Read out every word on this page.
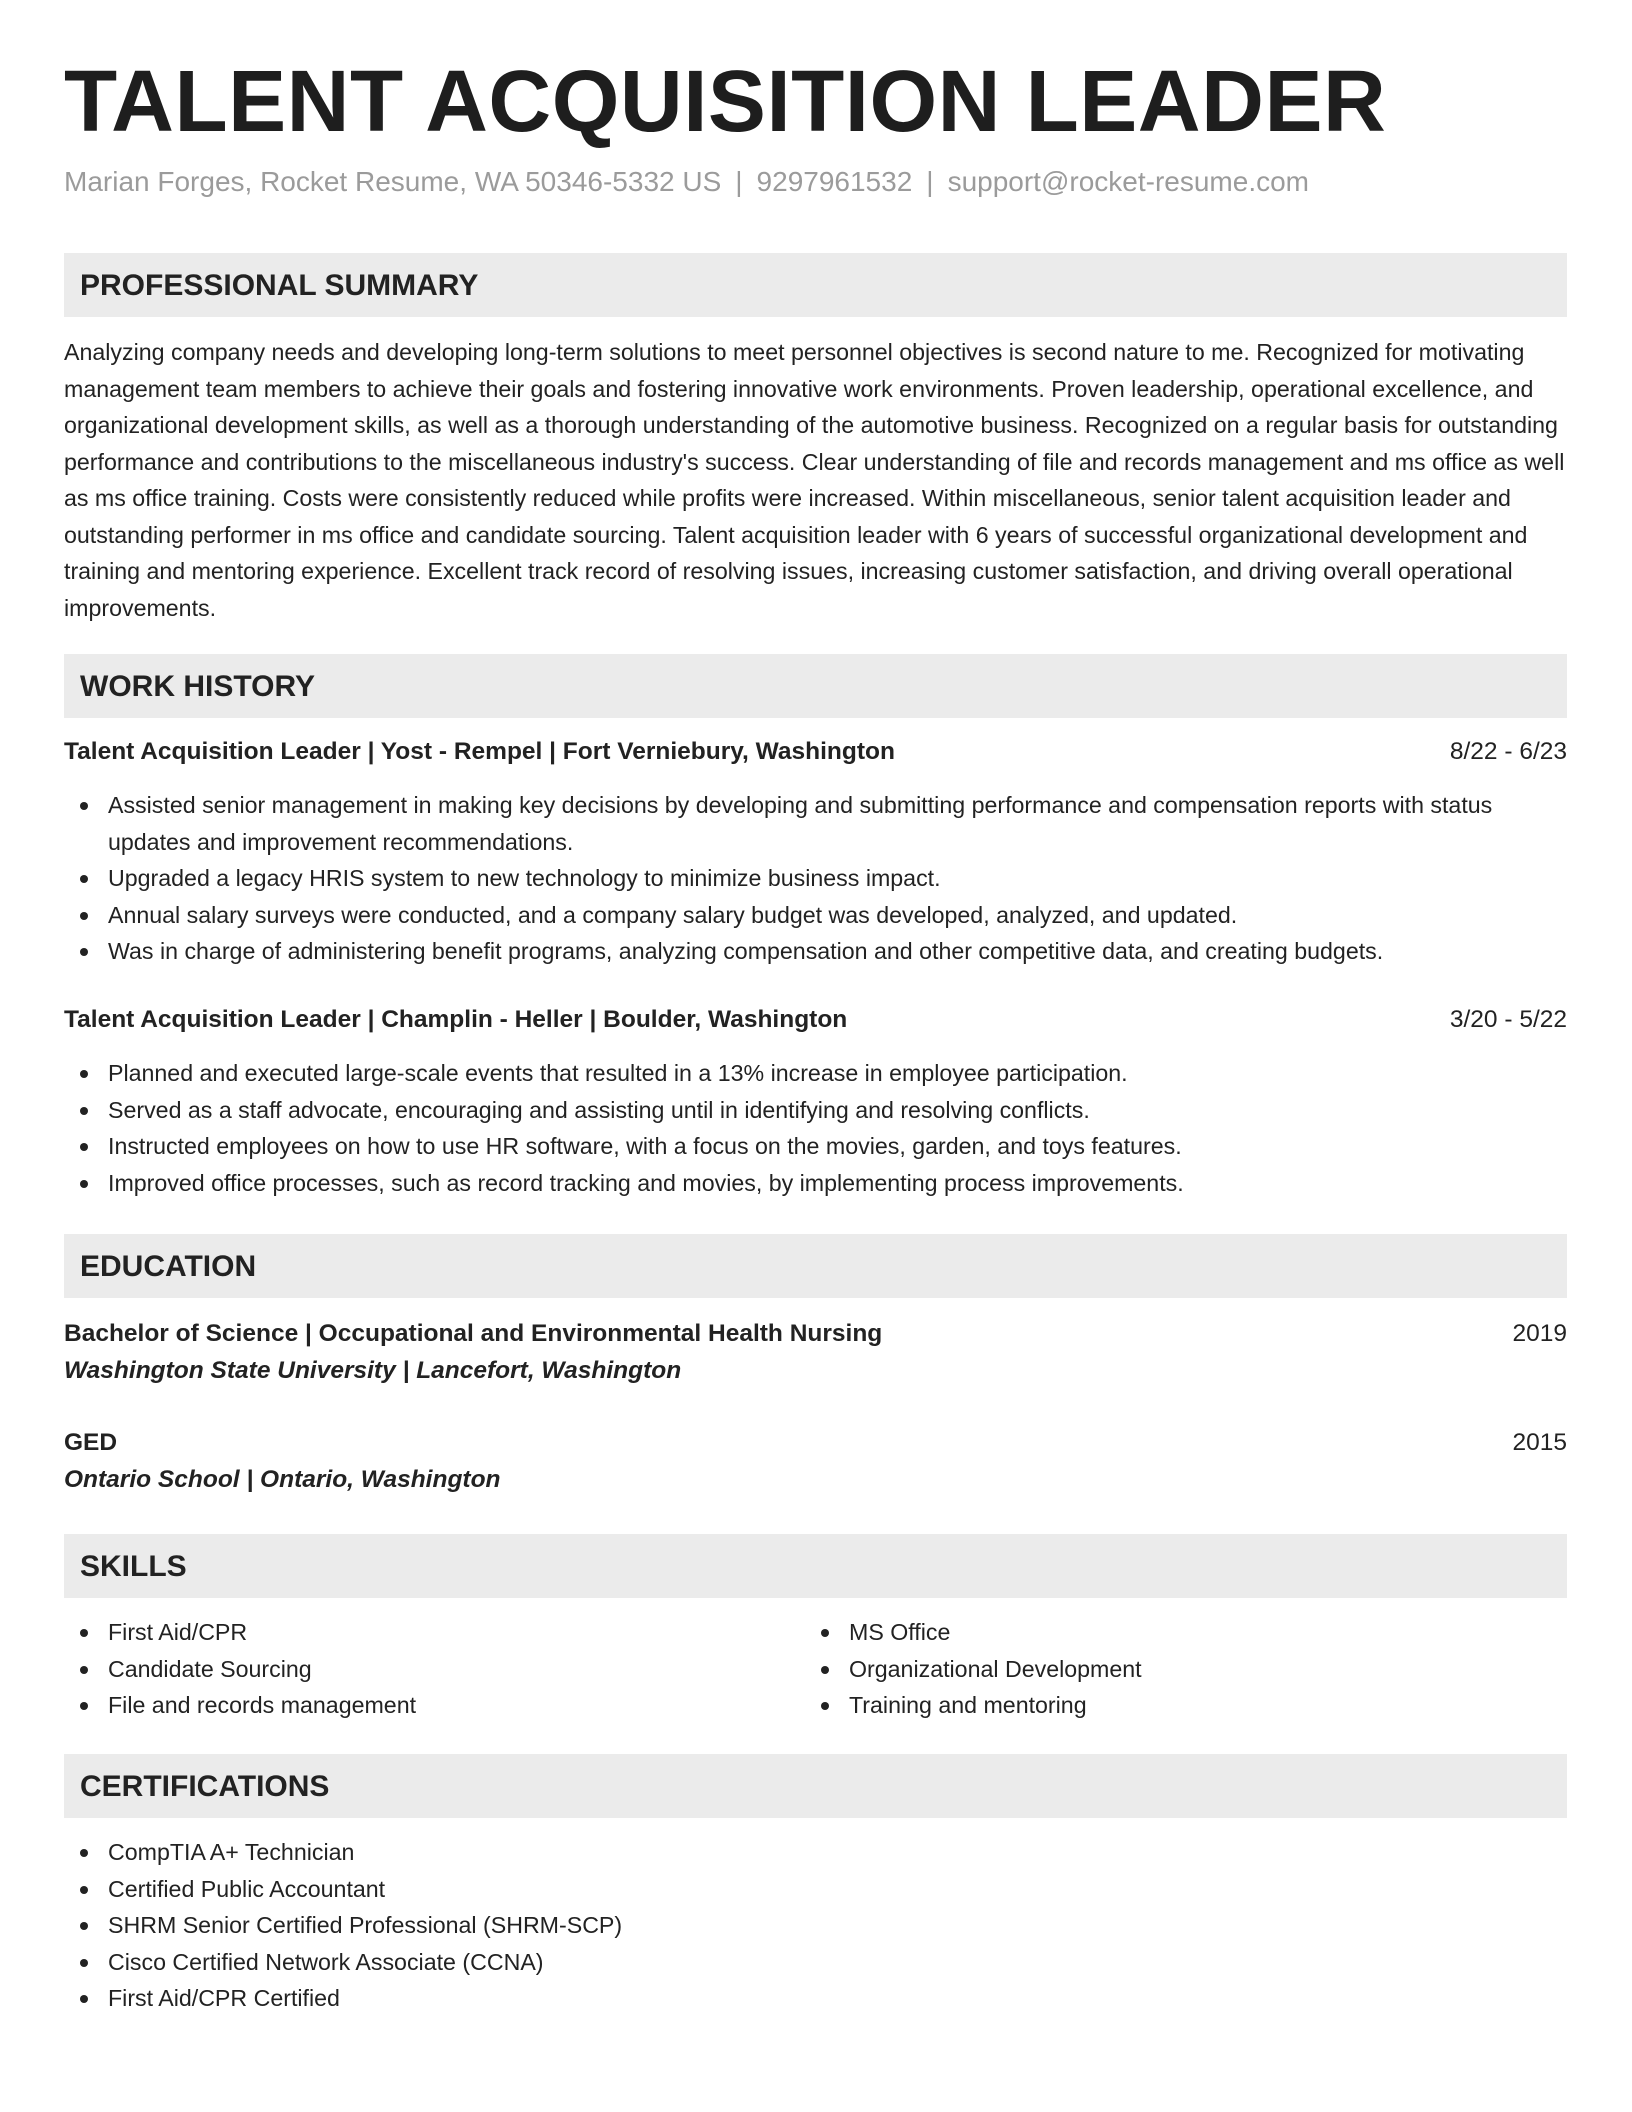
TALENT ACQUISITION LEADER
Marian Forges, Rocket Resume, WA 50346-5332 US | 9297961532 | support@rocket-resume.com
PROFESSIONAL SUMMARY
Analyzing company needs and developing long-term solutions to meet personnel objectives is second nature to me. Recognized for motivating management team members to achieve their goals and fostering innovative work environments. Proven leadership, operational excellence, and organizational development skills, as well as a thorough understanding of the automotive business. Recognized on a regular basis for outstanding performance and contributions to the miscellaneous industry's success. Clear understanding of file and records management and ms office as well as ms office training. Costs were consistently reduced while profits were increased. Within miscellaneous, senior talent acquisition leader and outstanding performer in ms office and candidate sourcing. Talent acquisition leader with 6 years of successful organizational development and training and mentoring experience. Excellent track record of resolving issues, increasing customer satisfaction, and driving overall operational improvements.
WORK HISTORY
Talent Acquisition Leader | Yost - Rempel | Fort Verniebury, Washington	8/22 - 6/23
Assisted senior management in making key decisions by developing and submitting performance and compensation reports with status updates and improvement recommendations.
Upgraded a legacy HRIS system to new technology to minimize business impact.
Annual salary surveys were conducted, and a company salary budget was developed, analyzed, and updated.
Was in charge of administering benefit programs, analyzing compensation and other competitive data, and creating budgets.
Talent Acquisition Leader | Champlin - Heller | Boulder, Washington	3/20 - 5/22
Planned and executed large-scale events that resulted in a 13% increase in employee participation.
Served as a staff advocate, encouraging and assisting until in identifying and resolving conflicts.
Instructed employees on how to use HR software, with a focus on the movies, garden, and toys features.
Improved office processes, such as record tracking and movies, by implementing process improvements.
EDUCATION
Bachelor of Science | Occupational and Environmental Health Nursing	2019
Washington State University | Lancefort, Washington
GED	2015
Ontario School | Ontario, Washington
SKILLS
First Aid/CPR
Candidate Sourcing
File and records management
MS Office
Organizational Development
Training and mentoring
CERTIFICATIONS
CompTIA A+ Technician
Certified Public Accountant
SHRM Senior Certified Professional (SHRM-SCP)
Cisco Certified Network Associate (CCNA)
First Aid/CPR Certified
